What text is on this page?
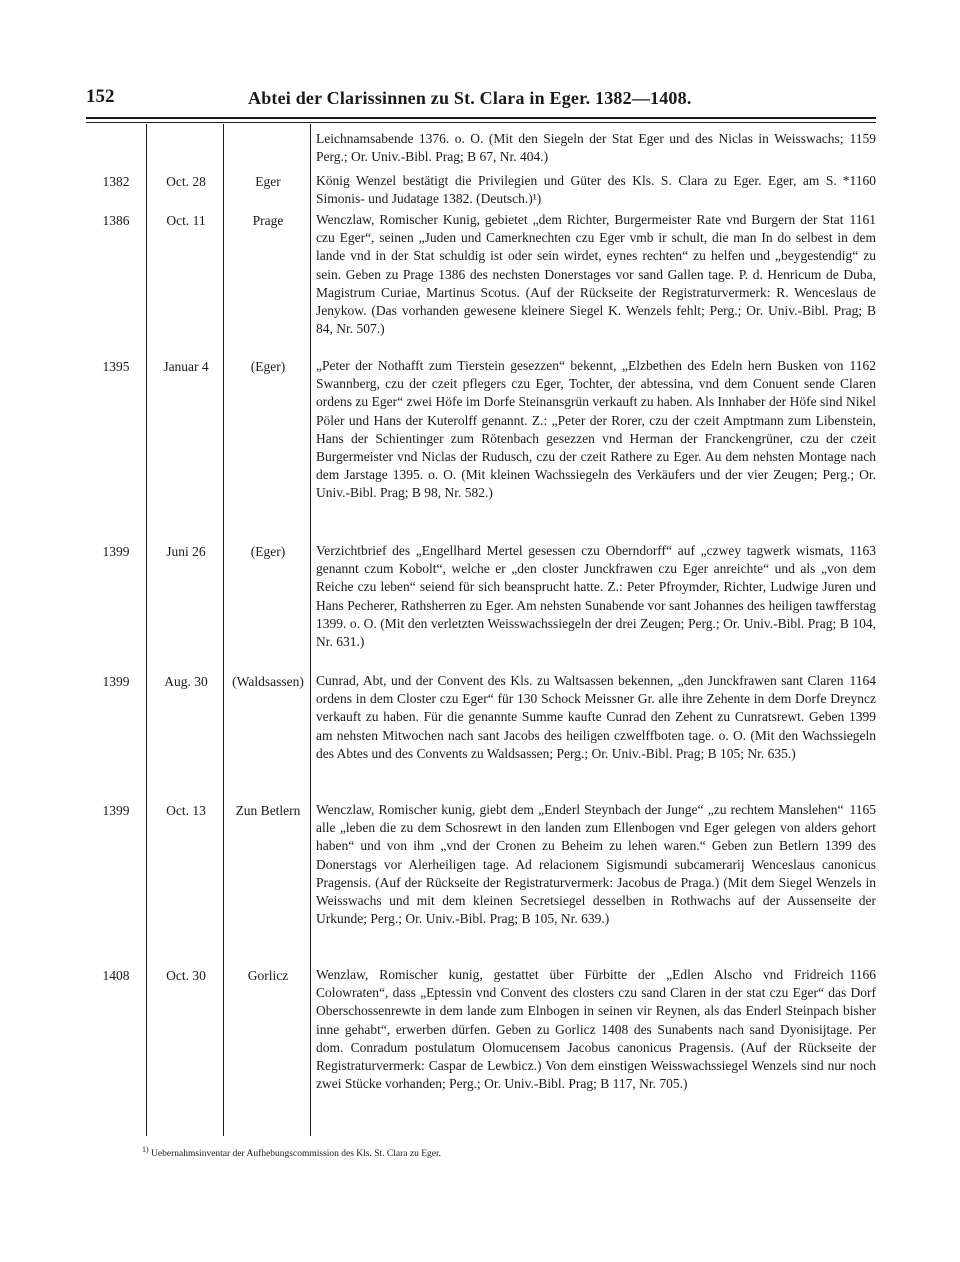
152	Abtei der Clarissinnen zu St. Clara in Eger. 1382—1408.
1159
Leichnamsabende 1376. o. O. (Mit den Siegeln der Stat Eger und des Niclas in Weisswachs; Perg.; Or. Univ.-Bibl. Prag; B 67, Nr. 404.)
1382	Oct. 28	Eger	*1160
König Wenzel bestätigt die Privilegien und Güter des Kls. S. Clara zu Eger. Eger, am S. Simonis- und Judatage 1382. (Deutsch.)¹)
1386	Oct. 11	Prage	1161
Wenczlaw, Romischer Kunig, gebietet „dem Richter, Burgermeister Rate vnd Burgern der Stat czu Eger“, seinen „Juden und Camerknechten czu Eger vmb ir schult, die man In do selbest in dem lande vnd in der Stat schuldig ist oder sein wirdet, eynes rechten“ zu helfen und „beygestendig“ zu sein. Geben zu Prage 1386 des nechsten Donerstages vor sand Gallen tage. P. d. Henricum de Duba, Magistrum Curiae, Martinus Scotus. (Auf der Rückseite der Registraturvermerk: R. Wenceslaus de Jenykow. (Das vorhanden gewesene kleinere Siegel K. Wenzels fehlt; Perg.; Or. Univ.-Bibl. Prag; B 84, Nr. 507.)
1395	Januar 4	(Eger)	1162
„Peter der Nothafft zum Tierstein gesezzen“ bekennt, „Elzbethen des Edeln hern Busken von Swannberg, czu der czeit pflegers czu Eger, Tochter, der abtessina, vnd dem Conuent sende Claren ordens zu Eger“ zwei Höfe im Dorfe Steinansgrün verkauft zu haben. Als Innhaber der Höfe sind Nikel Pöler und Hans der Kuterolff genannt. Z.: „Peter der Rorer, czu der czeit Amptmann zum Libenstein, Hans der Schientinger zum Rötenbach gesezzen vnd Herman der Franckengrüner, czu der czeit Burgermeister vnd Niclas der Rudusch, czu der czeit Rathere zu Eger. Au dem nehsten Montage nach dem Jarstage 1395. o. O. (Mit kleinen Wachssiegeln des Verkäufers und der vier Zeugen; Perg.; Or. Univ.-Bibl. Prag; B 98, Nr. 582.)
1399	Juni 26	(Eger)	1163
Verzichtbrief des „Engellhard Mertel gesessen czu Oberndorff“ auf „czwey tagwerk wismats, genannt czum Kobolt“, welche er „den closter Junckfrawen czu Eger anreichte“ und als „von dem Reiche czu leben“ seiend für sich beansprucht hatte. Z.: Peter Pfroymder, Richter, Ludwige Juren und Hans Pecherer, Rathsherren zu Eger. Am nehsten Sunabende vor sant Johannes des heiligen tawfferstag 1399. o. O. (Mit den verletzten Weisswachssiegeln der drei Zeugen; Perg.; Or. Univ.-Bibl. Prag; B 104, Nr. 631.)
1399	Aug. 30	(Waldsassen)	1164
Cunrad, Abt, und der Convent des Kls. zu Waltsassen bekennen, „den Junckfrawen sant Claren ordens in dem Closter czu Eger“ für 130 Schock Meissner Gr. alle ihre Zehente in dem Dorfe Dreyncz verkauft zu haben. Für die genannte Summe kaufte Cunrad den Zehent zu Cunratsrewt. Geben 1399 am nehsten Mitwochen nach sant Jacobs des heiligen czwelffboten tage. o. O. (Mit den Wachssiegeln des Abtes und des Convents zu Waldsassen; Perg.; Or. Univ.-Bibl. Prag; B 105; Nr. 635.)
1399	Oct. 13	Zun Betlern	1165
Wenczlaw, Romischer kunig, giebt dem „Enderl Steynbach der Junge“ „zu rechtem Manslehen“ alle „leben die zu dem Schosrewt in den landen zum Ellenbogen vnd Eger gelegen von alders gehort haben“ und von ihm „vnd der Cronen zu Beheim zu lehen waren.“ Geben zun Betlern 1399 des Donerstags vor Alerheiligen tage. Ad relacionem Sigismundi subcamerarij Wenceslaus canonicus Pragensis. (Auf der Rückseite der Registraturvermerk: Jacobus de Praga.) (Mit dem Siegel Wenzels in Weisswachs und mit dem kleinen Secretsiegel desselben in Rothwachs auf der Aussenseite der Urkunde; Perg.; Or. Univ.-Bibl. Prag; B 105, Nr. 639.)
1408	Oct. 30	Gorlicz	1166
Wenzlaw, Romischer kunig, gestattet über Fürbitte der „Edlen Alscho vnd Fridreich Colowraten“, dass „Eptessin vnd Convent des closters czu sand Claren in der stat czu Eger“ das Dorf Oberschossenrewte in dem lande zum Elnbogen in seinen vir Reynen, als das Enderl Steinpach bisher inne gehabt“, erwerben dürfen. Geben zu Gorlicz 1408 des Sunabents nach sand Dyonisijtage. Per dom. Conradum postulatum Olomucensem Jacobus canonicus Pragensis. (Auf der Rückseite der Registraturvermerk: Caspar de Lewbicz.) Von dem einstigen Weisswachssiegel Wenzels sind nur noch zwei Stücke vorhanden; Perg.; Or. Univ.-Bibl. Prag; B 117, Nr. 705.)
$^{1)}$ Uebernahmsinventar der Aufhebungscommission des Kls. St. Clara zu Eger.
